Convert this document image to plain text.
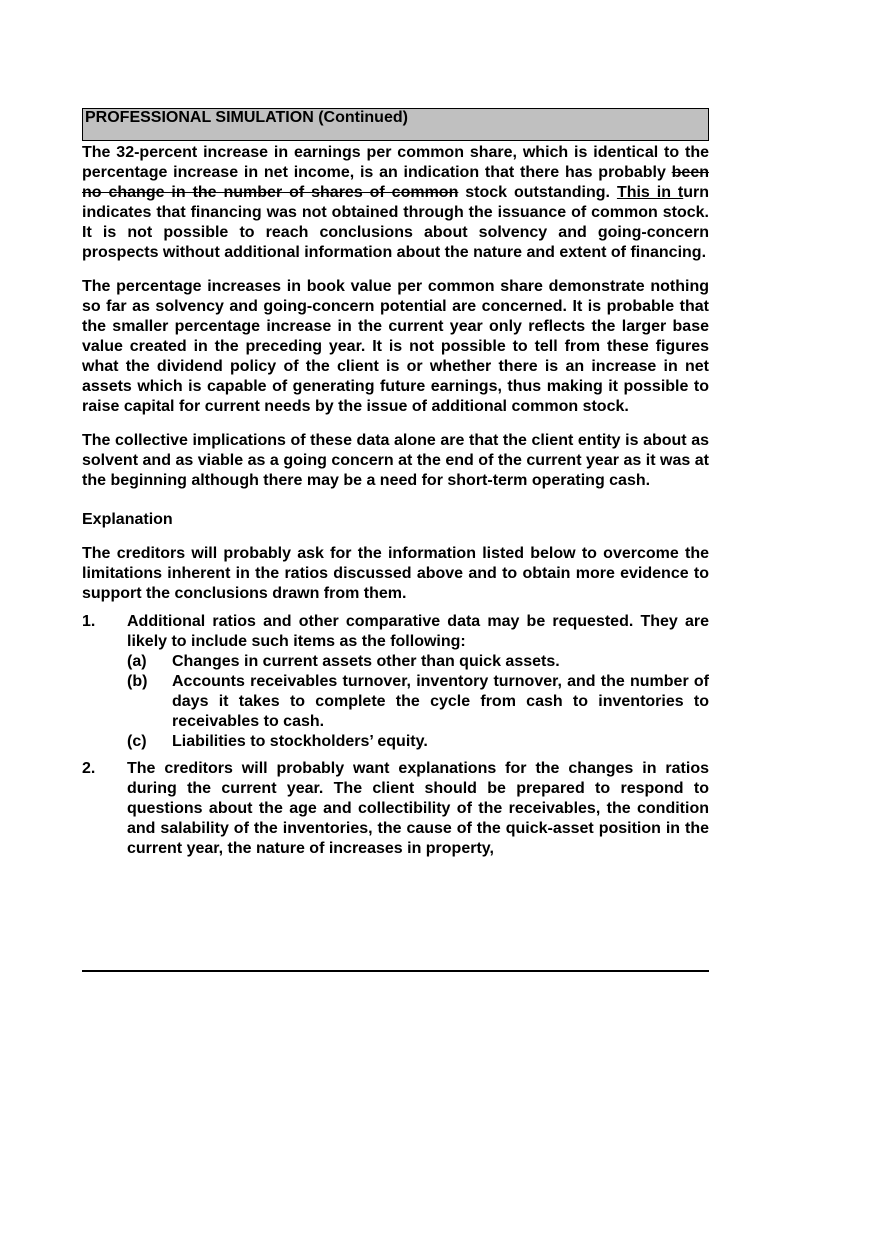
PROFESSIONAL SIMULATION (Continued)

The 32-percent increase in earnings per common share, which is identical to the percentage increase in net income, is an indication that there has probably been no change in the number of shares of common stock outstanding. This in turn indicates that financing was not obtained through the issuance of common stock. It is not possible to reach conclusions about solvency and going-concern prospects without additional information about the nature and extent of financing.

The percentage increases in book value per common share demonstrate nothing so far as solvency and going-concern potential are concerned. It is probable that the smaller percentage increase in the current year only reflects the larger base value created in the preceding year. It is not possible to tell from these figures what the dividend policy of the client is or whether there is an increase in net assets which is capable of generating future earnings, thus making it possible to raise capital for current needs by the issue of additional common stock.

The collective implications of these data alone are that the client entity is about as solvent and as viable as a going concern at the end of the current year as it was at the beginning although there may be a need for short-term operating cash.

Explanation

The creditors will probably ask for the information listed below to overcome the limitations inherent in the ratios discussed above and to obtain more evidence to support the conclusions drawn from them.

1. Additional ratios and other comparative data may be requested. They are likely to include such items as the following:
(a) Changes in current assets other than quick assets.
(b) Accounts receivables turnover, inventory turnover, and the number of days it takes to complete the cycle from cash to inventories to receivables to cash.
(c) Liabilities to stockholders’ equity.
2. The creditors will probably want explanations for the changes in ratios during the current year. The client should be prepared to respond to questions about the age and collectibility of the receivables, the condition and salability of the inventories, the cause of the quick-asset position in the current year, the nature of increases in property,
